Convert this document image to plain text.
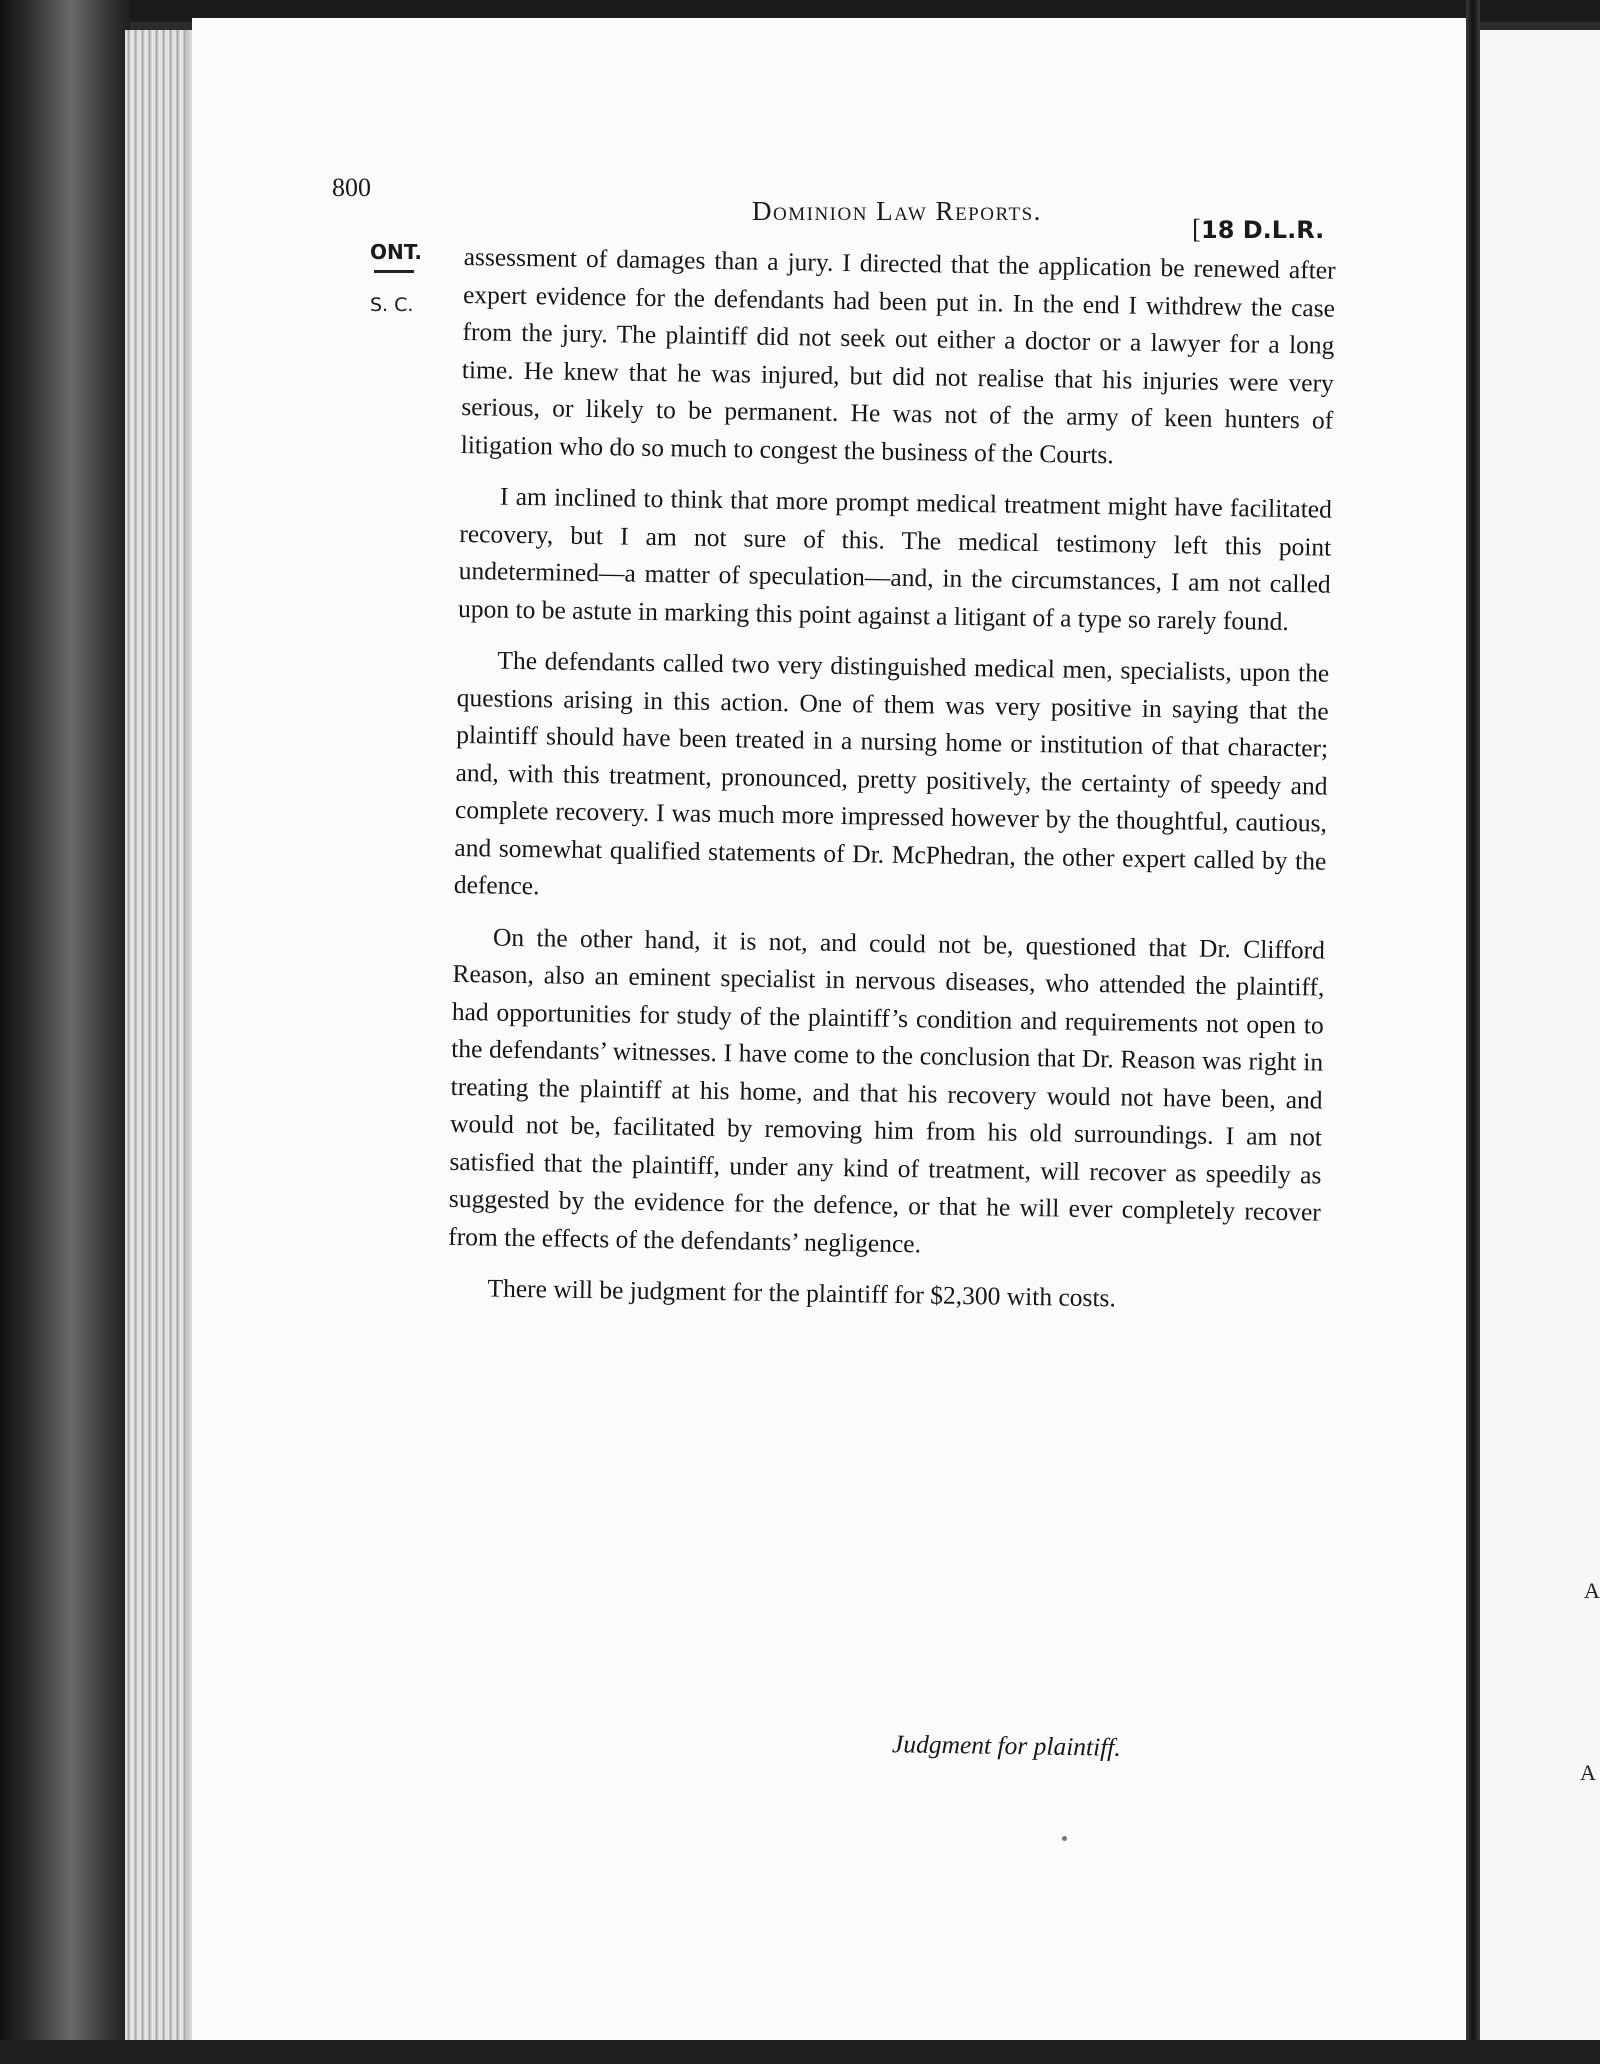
800
Dominion Law Reports.
[18 D.L.R.
ONT.
S. C.

assessment of damages than a jury. I directed that the application be renewed after expert evidence for the defendants had been put in. In the end I withdrew the case from the jury. The plaintiff did not seek out either a doctor or a lawyer for a long time. He knew that he was injured, but did not realise that his injuries were very serious, or likely to be permanent. He was not of the army of keen hunters of litigation who do so much to congest the business of the Courts.

I am inclined to think that more prompt medical treatment might have facilitated recovery, but I am not sure of this. The medical testimony left this point undetermined—a matter of speculation—and, in the circumstances, I am not called upon to be astute in marking this point against a litigant of a type so rarely found.

The defendants called two very distinguished medical men, specialists, upon the questions arising in this action. One of them was very positive in saying that the plaintiff should have been treated in a nursing home or institution of that character; and, with this treatment, pronounced, pretty positively, the certainty of speedy and complete recovery. I was much more impressed however by the thoughtful, cautious, and somewhat qualified statements of Dr. McPhedran, the other expert called by the defence.

On the other hand, it is not, and could not be, questioned that Dr. Clifford Reason, also an eminent specialist in nervous diseases, who attended the plaintiff, had opportunities for study of the plaintiff’s condition and requirements not open to the defendants’ witnesses. I have come to the conclusion that Dr. Reason was right in treating the plaintiff at his home, and that his recovery would not have been, and would not be, facilitated by removing him from his old surroundings. I am not satisfied that the plaintiff, under any kind of treatment, will recover as speedily as suggested by the evidence for the defence, or that he will ever completely recover from the effects of the defendants’ negligence.

There will be judgment for the plaintiff for $2,300 with costs.

Judgment for plaintiff.
A
A
